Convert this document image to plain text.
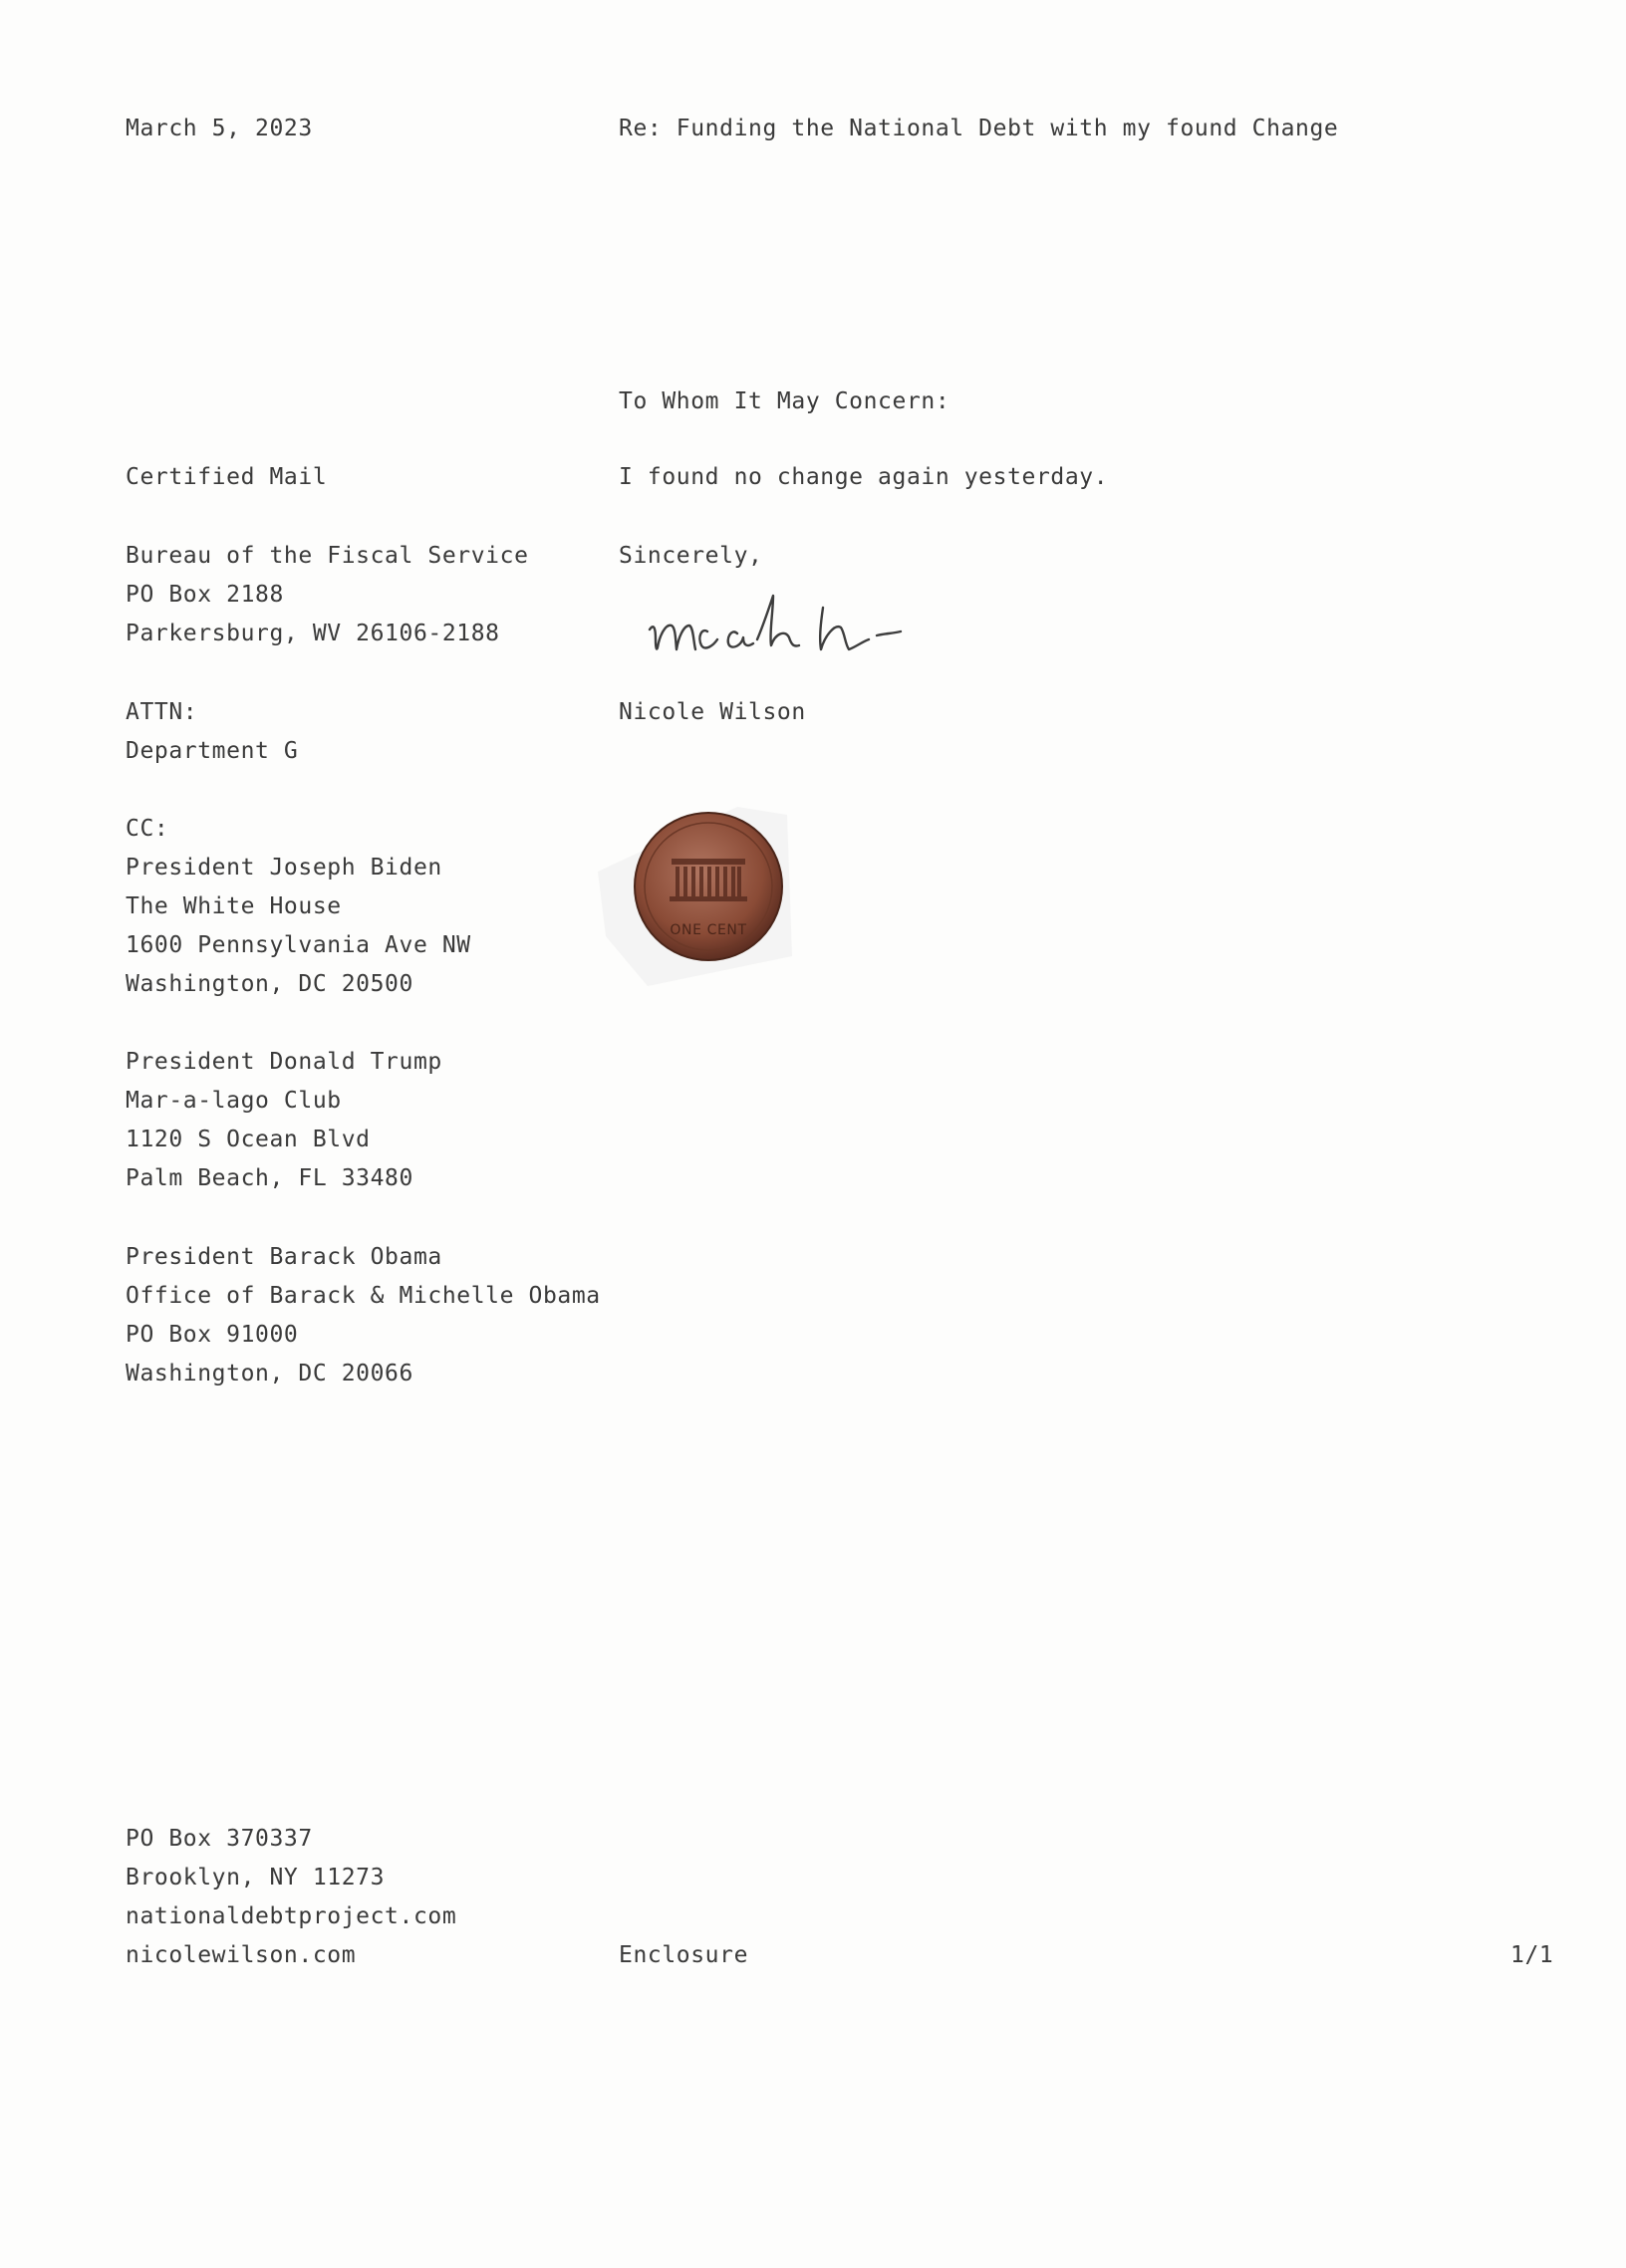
March 5, 2023	Re: Funding the National Debt with my found Change

To Whom It May Concern:

Certified Mail	I found no change again yesterday.

Bureau of the Fiscal Service
PO Box 2188
Parkersburg, WV 26106-2188

Sincerely,

ATTN:
Department G

Nicole Wilson

CC:
President Joseph Biden
The White House
1600 Pennsylvania Ave NW
Washington, DC 20500
President Donald Trump
Mar-a-lago Club
1120 S Ocean Blvd
Palm Beach, FL 33480
President Barack Obama
Office of Barack & Michelle Obama
PO Box 91000
Washington, DC 20066
ONE CENT
PO Box 370337
Brooklyn, NY 11273
nationaldebtproject.com
nicolewilson.com	Enclosure	1/1
